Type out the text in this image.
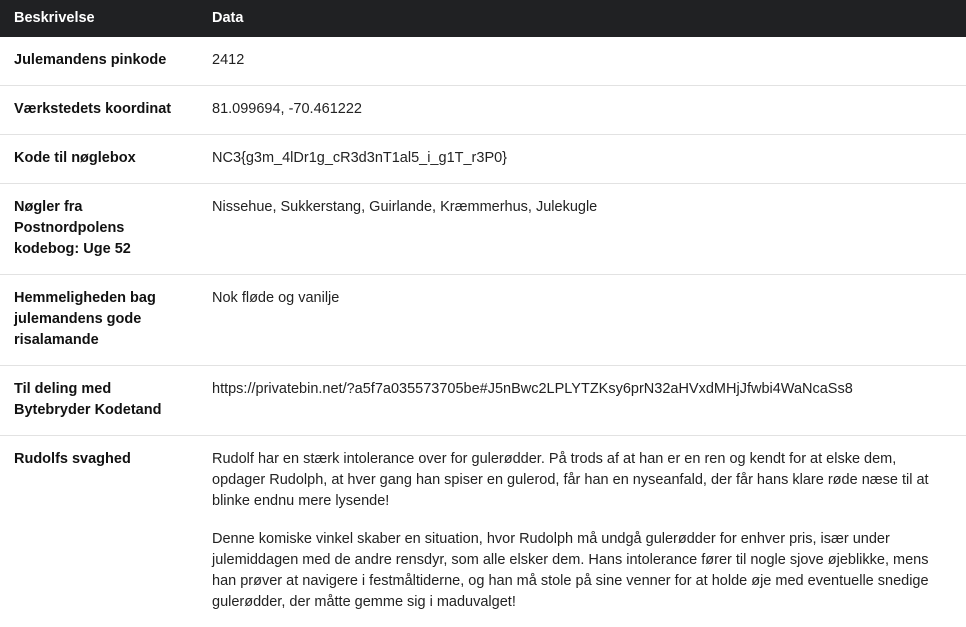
Beskrivelse	Data
Julemandens pinkode	2412

Værkstedets koordinat	81.099694, -70.461222

Kode til nøglebox	NC3{g3m_4lDr1g_cR3d3nT1al5_i_g1T_r3P0}

Nøgler fra Postnordpolens kodebog: Uge 52	Nissehue, Sukkerstang, Guirlande, Kræmmerhus, Julekugle

Hemmeligheden bag julemandens gode risalamande	Nok fløde og vanilje

Til deling med Bytebryder Kodetand	https://privatebin.net/?a5f7a035573705be#J5nBwc2LPLYTZKsy6prN32aHVxdMHjJfwbi4WaNcaSs8

Rudolfs svaghed	Rudolf har en stærk intolerance over for gulerødder. På trods af at han er en ren og kendt for at elske dem, opdager Rudolph, at hver gang han spiser en gulerod, får han en nyseanfald, der får hans klare røde næse til at blinke endnu mere lysende!

Denne komiske vinkel skaber en situation, hvor Rudolph må undgå gulerødder for enhver pris, især under julemiddagen med de andre rensdyr, som alle elsker dem. Hans intolerance fører til nogle sjove øjeblikke, mens han prøver at navigere i festmåltiderne, og han må stole på sine venner for at holde øje med eventuelle snedige gulerødder, der måtte gemme sig i maduvalget!
